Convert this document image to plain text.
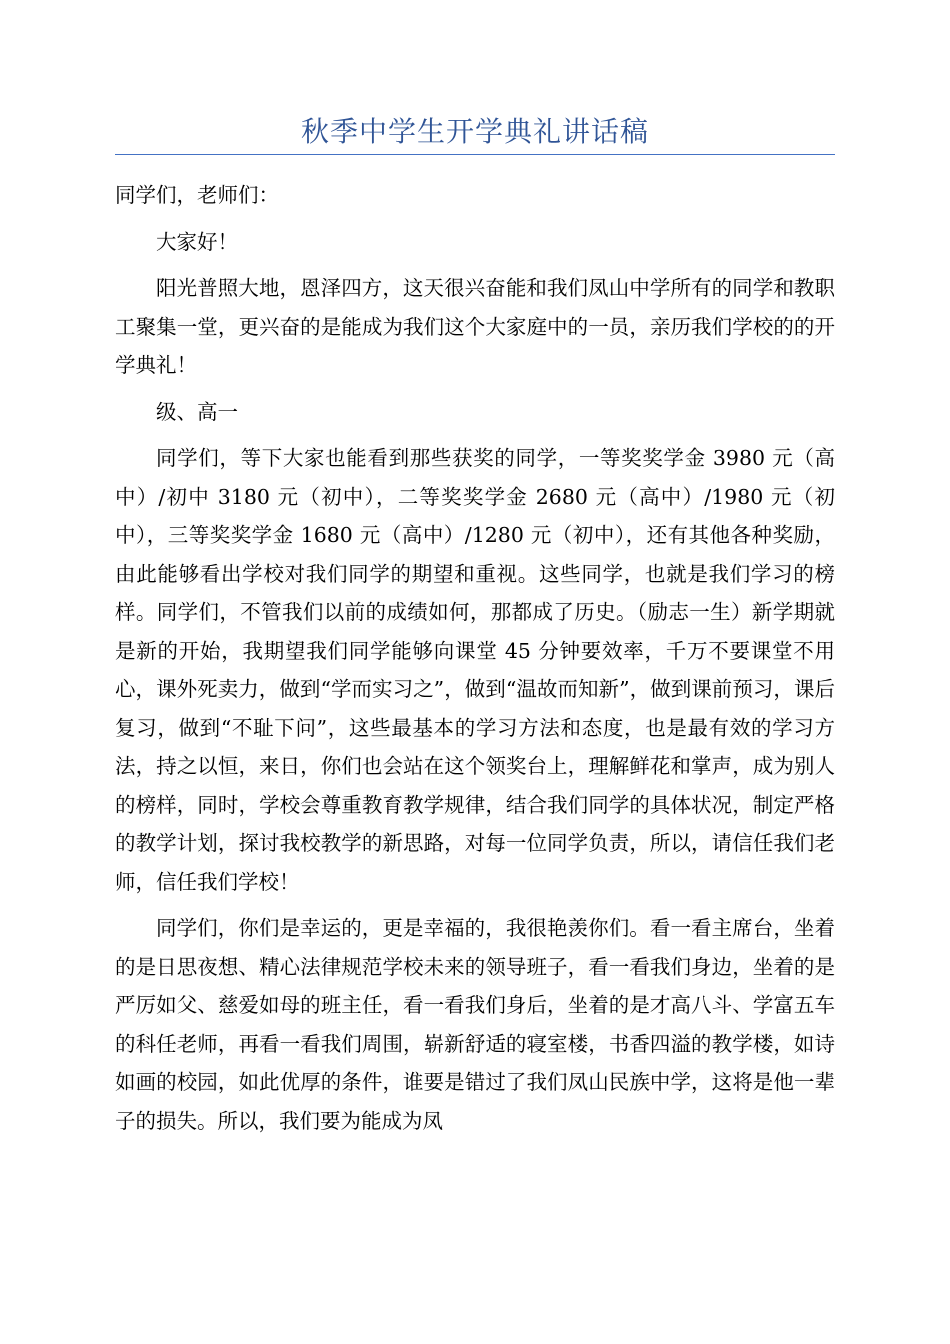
秋季中学生开学典礼讲话稿

同学们，老师们：

大家好！

阳光普照大地，恩泽四方，这天很兴奋能和我们凤山中学所有的同学和教职工聚集一堂，更兴奋的是能成为我们这个大家庭中的一员，亲历我们学校的的开学典礼！

级、高一

同学们，等下大家也能看到那些获奖的同学，一等奖奖学金 3980 元（高中）/初中 3180 元（初中），二等奖奖学金 2680 元（高中）/1980 元（初中），三等奖奖学金 1680 元（高中）/1280 元（初中），还有其他各种奖励，由此能够看出学校对我们同学的期望和重视。这些同学，也就是我们学习的榜样。同学们，不管我们以前的成绩如何，那都成了历史。（励志一生）新学期就是新的开始，我期望我们同学能够向课堂 45 分钟要效率，千万不要课堂不用心，课外死卖力，做到“学而实习之”，做到“温故而知新”，做到课前预习，课后复习，做到“不耻下问”，这些最基本的学习方法和态度，也是最有效的学习方法，持之以恒，来日，你们也会站在这个领奖台上，理解鲜花和掌声，成为别人的榜样，同时，学校会尊重教育教学规律，结合我们同学的具体状况，制定严格的教学计划，探讨我校教学的新思路，对每一位同学负责，所以，请信任我们老师，信任我们学校！

同学们，你们是幸运的，更是幸福的，我很艳羡你们。看一看主席台，坐着的是日思夜想、精心法律规范学校未来的领导班子，看一看我们身边，坐着的是严厉如父、慈爱如母的班主任，看一看我们身后，坐着的是才高八斗、学富五车的科任老师，再看一看我们周围，崭新舒适的寝室楼，书香四溢的教学楼，如诗如画的校园，如此优厚的条件，谁要是错过了我们凤山民族中学，这将是他一辈子的损失。所以，我们要为能成为凤
